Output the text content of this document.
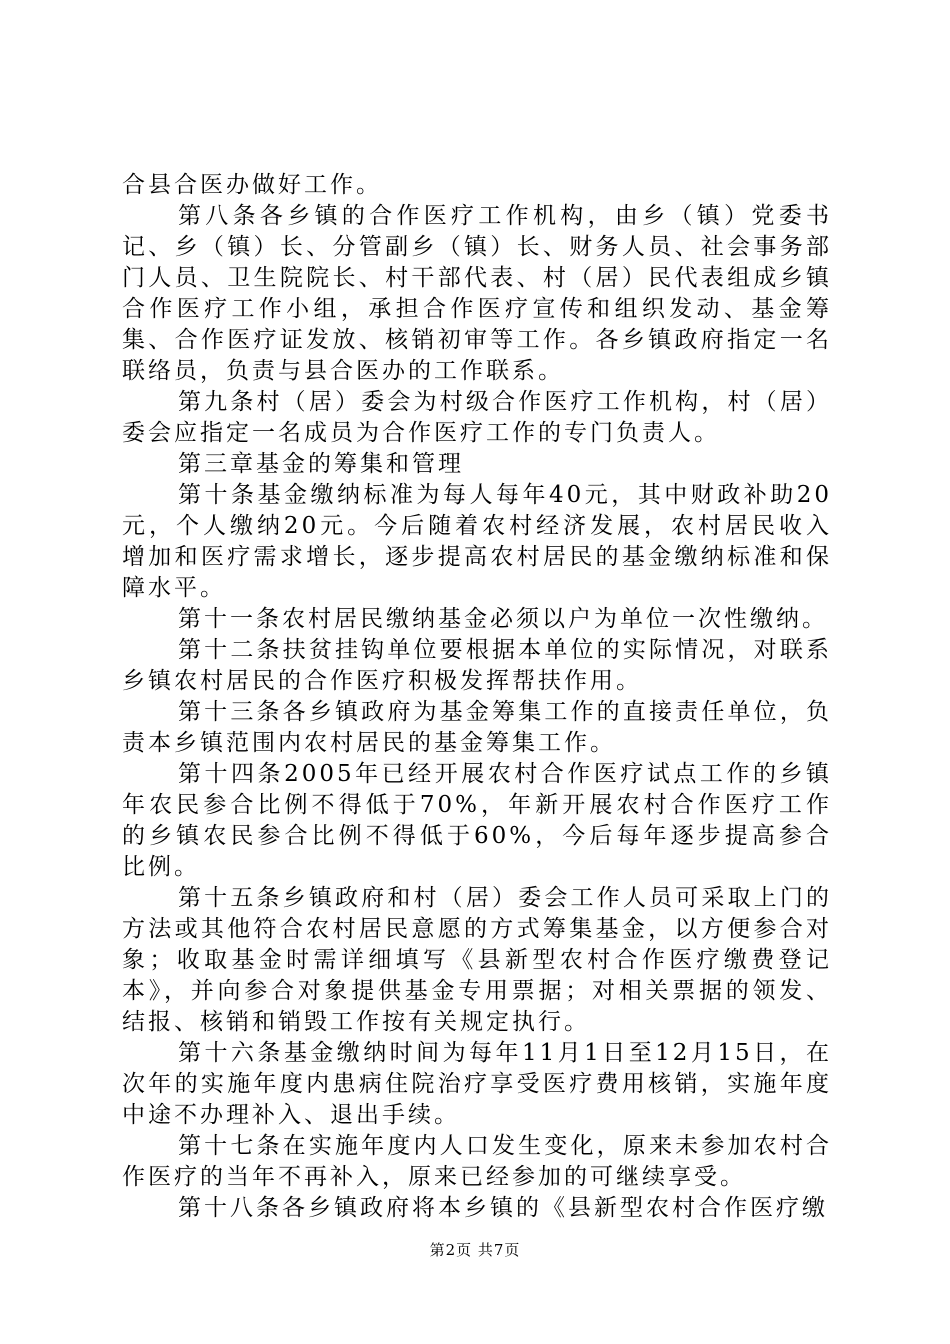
合县合医办做好工作。

第八条各乡镇的合作医疗工作机构，由乡（镇）党委书记、乡（镇）长、分管副乡（镇）长、财务人员、社会事务部门人员、卫生院院长、村干部代表、村（居）民代表组成乡镇合作医疗工作小组，承担合作医疗宣传和组织发动、基金筹集、合作医疗证发放、核销初审等工作。各乡镇政府指定一名联络员，负责与县合医办的工作联系。

第九条村（居）委会为村级合作医疗工作机构，村（居）委会应指定一名成员为合作医疗工作的专门负责人。

第三章基金的筹集和管理

第十条基金缴纳标准为每人每年40元，其中财政补助20元，个人缴纳20元。今后随着农村经济发展，农村居民收入增加和医疗需求增长，逐步提高农村居民的基金缴纳标准和保障水平。

第十一条农村居民缴纳基金必须以户为单位一次性缴纳。

第十二条扶贫挂钩单位要根据本单位的实际情况，对联系乡镇农村居民的合作医疗积极发挥帮扶作用。

第十三条各乡镇政府为基金筹集工作的直接责任单位，负责本乡镇范围内农村居民的基金筹集工作。

第十四条2005年已经开展农村合作医疗试点工作的乡镇年农民参合比例不得低于70%，年新开展农村合作医疗工作的乡镇农民参合比例不得低于60%，今后每年逐步提高参合比例。

第十五条乡镇政府和村（居）委会工作人员可采取上门的方法或其他符合农村居民意愿的方式筹集基金，以方便参合对象；收取基金时需详细填写《县新型农村合作医疗缴费登记本》，并向参合对象提供基金专用票据；对相关票据的领发、结报、核销和销毁工作按有关规定执行。

第十六条基金缴纳时间为每年11月1日至12月15日，在次年的实施年度内患病住院治疗享受医疗费用核销，实施年度中途不办理补入、退出手续。

第十七条在实施年度内人口发生变化，原来未参加农村合作医疗的当年不再补入，原来已经参加的可继续享受。

第十八条各乡镇政府将本乡镇的《县新型农村合作医疗缴

第2页 共7页
